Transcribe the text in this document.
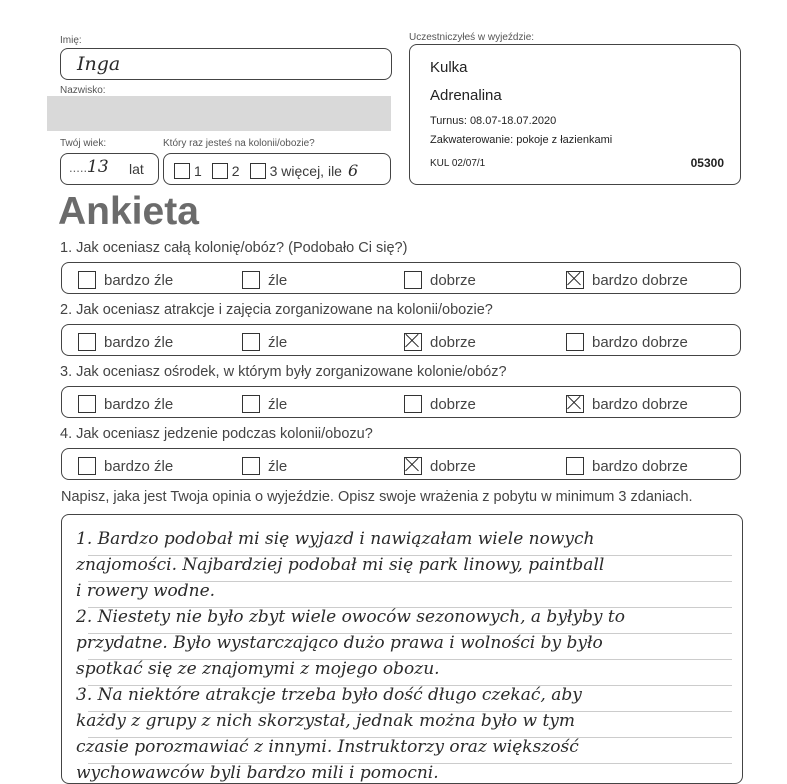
Imię:
Inga
Nazwisko:
Twój wiek:
......
13 lat
Który raz jesteś na kolonii/obozie?
1 2 3 więcej, ile 6
Uczestniczyłeś w wyjeździe:
Kulka
Adrenalina
Turnus: 08.07-18.07.2020
Zakwaterowanie: pokoje z łazienkami
KUL 02/07/1	05300
Ankieta
1. Jak oceniasz całą kolonię/obóz? (Podobało Ci się?)
bardzo źle	źle	dobrze	bardzo dobrze
2. Jak oceniasz atrakcje i zajęcia zorganizowane na kolonii/obozie?
bardzo źle	źle	dobrze	bardzo dobrze
3. Jak oceniasz ośrodek, w którym były zorganizowane kolonie/obóz?
bardzo źle	źle	dobrze	bardzo dobrze
4. Jak oceniasz jedzenie podczas kolonii/obozu?
bardzo źle	źle	dobrze	bardzo dobrze
Napisz, jaka jest Twoja opinia o wyjeździe. Opisz swoje wrażenia z pobytu w minimum 3 zdaniach.
1. Bardzo podobał mi się wyjazd i nawiązałam wiele nowych
znajomości. Najbardziej podobał mi się park linowy, paintball
i rowery wodne.
2. Niestety nie było zbyt wiele owoców sezonowych, a byłyby to
przydatne. Było wystarczająco dużo prawa i wolności by było
spotkać się ze znajomymi z mojego obozu.
3. Na niektóre atrakcje trzeba było dość długo czekać, aby
każdy z grupy z nich skorzystał, jednak można było w tym
czasie porozmawiać z innymi. Instruktorzy oraz większość
wychowawców byli bardzo mili i pomocni.
